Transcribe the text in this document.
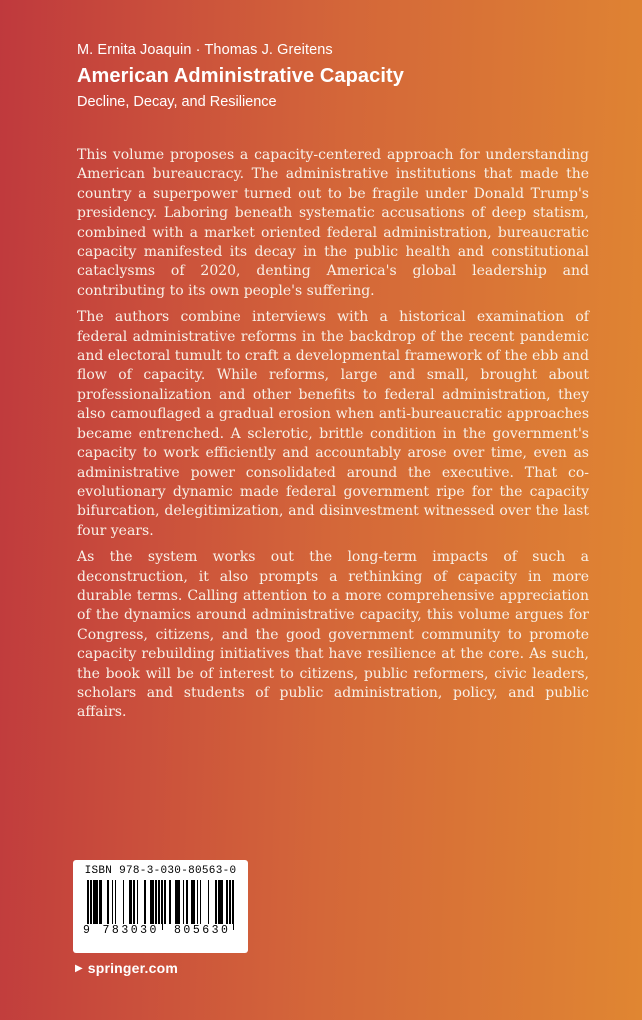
M. Ernita Joaquin · Thomas J. Greitens

American Administrative Capacity

Decline, Decay, and Resilience

This volume proposes a capacity-centered approach for understanding American bureaucracy. The administrative institutions that made the country a superpower turned out to be fragile under Donald Trump's presidency. Laboring beneath systematic accusations of deep statism, combined with a market oriented federal administration, bureaucratic capacity manifested its decay in the public health and constitutional cataclysms of 2020, denting America's global leadership and contributing to its own people's suffering.

The authors combine interviews with a historical examination of federal administrative reforms in the backdrop of the recent pandemic and electoral tumult to craft a developmental framework of the ebb and flow of capacity. While reforms, large and small, brought about professionalization and other benefits to federal administration, they also camouflaged a gradual erosion when anti-bureaucratic approaches became entrenched. A sclerotic, brittle condition in the government's capacity to work efficiently and accountably arose over time, even as administrative power consolidated around the executive. That co-evolutionary dynamic made federal government ripe for the capacity bifurcation, delegitimization, and disinvestment witnessed over the last four years.

As the system works out the long-term impacts of such a deconstruction, it also prompts a rethinking of capacity in more durable terms. Calling attention to a more comprehensive appreciation of the dynamics around administrative capacity, this volume argues for Congress, citizens, and the good government community to promote capacity rebuilding initiatives that have resilience at the core. As such, the book will be of interest to citizens, public reformers, civic leaders, scholars and students of public administration, policy, and public affairs.

ISBN 978-3-030-80563-0
9	783030 805630
▶ springer.com
